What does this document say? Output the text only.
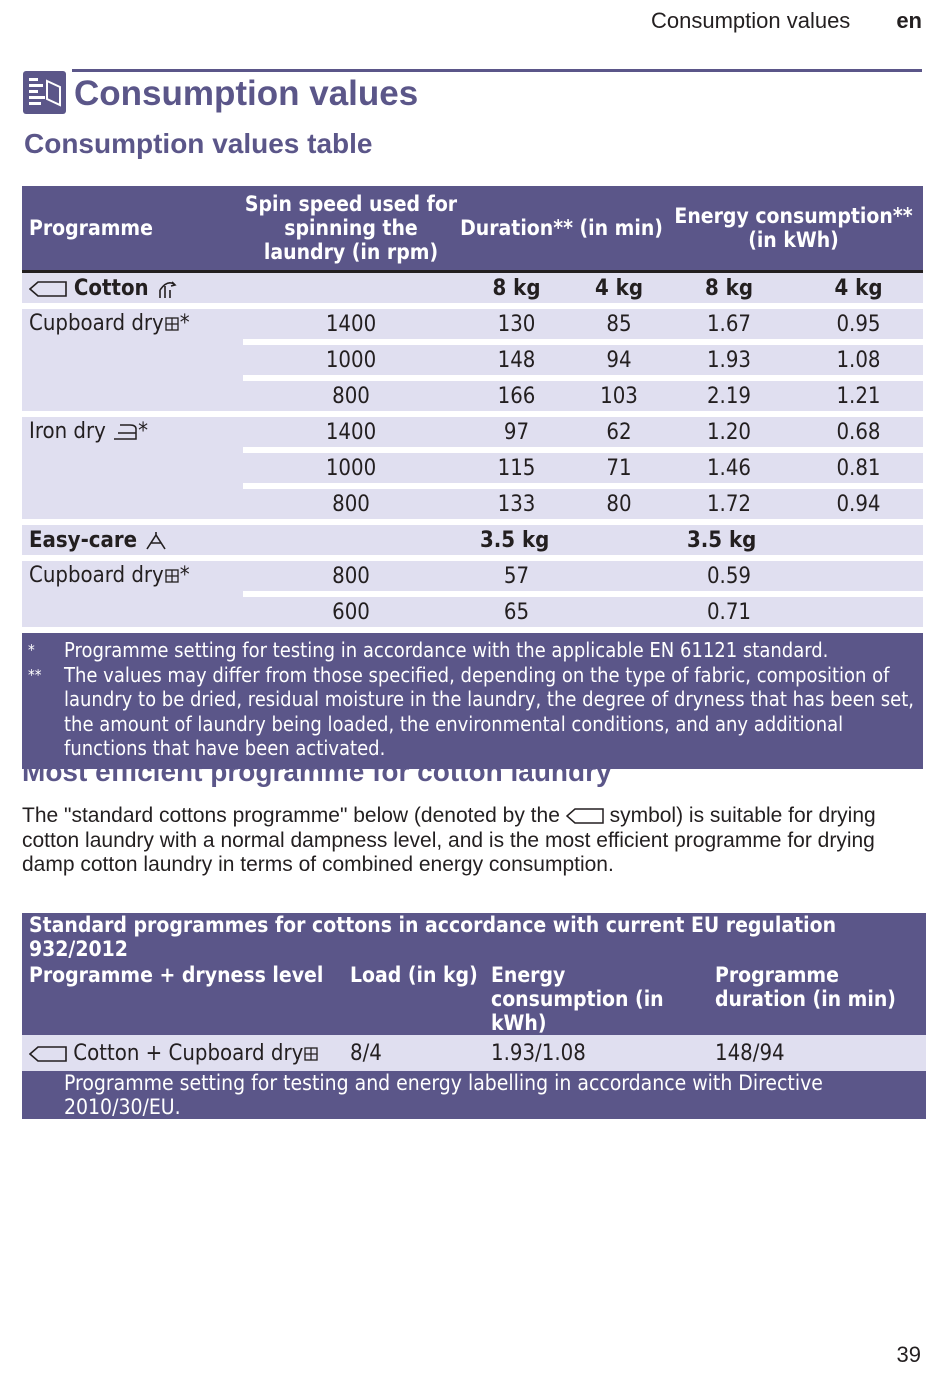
Consumption values en
Consumption values
Consumption values table
Programme	Spin speed used for spinning the laundry (in rpm)	Duration** (in min)		Energy consumption** (in kWh)	
Cotton		8 kg	4 kg	8 kg	4 kg
Cupboard dry *	1400	130	85	1.67	0.95
	1000	148	94	1.93	1.08
	800	166	103	2.19	1.21
Iron dry *	1400	97	62	1.20	0.68
	1000	115	71	1.46	0.81
	800	133	80	1.72	0.94
Easy-care		3.5 kg		3.5 kg	
Cupboard dry *	800	57		0.59	
	600	65		0.71	

* Programme setting for testing in accordance with the applicable EN 61121 standard.
** The values may differ from those specified, depending on the type of fabric, composition of laundry to be dried, residual moisture in the laundry, the degree of dryness that has been set, the amount of laundry being loaded, the environmental conditions, and any additional functions that have been activated.					
Most efficient programme for cotton laundry

The "standard cottons programme" below (denoted by the symbol) is suitable for drying cotton laundry with a normal dampness level, and is the most efficient programme for drying damp cotton laundry in terms of combined energy consumption.

Standard programmes for cottons in accordance with current EU regulation 932/2012			
Programme + dryness level	Load (in kg)	Energy consumption (in kWh)	Programme duration (in min)
Cotton + Cupboard dry	8/4	1.93/1.08	148/94
Programme setting for testing and energy labelling in accordance with Directive 2010/30/EU.			
39
